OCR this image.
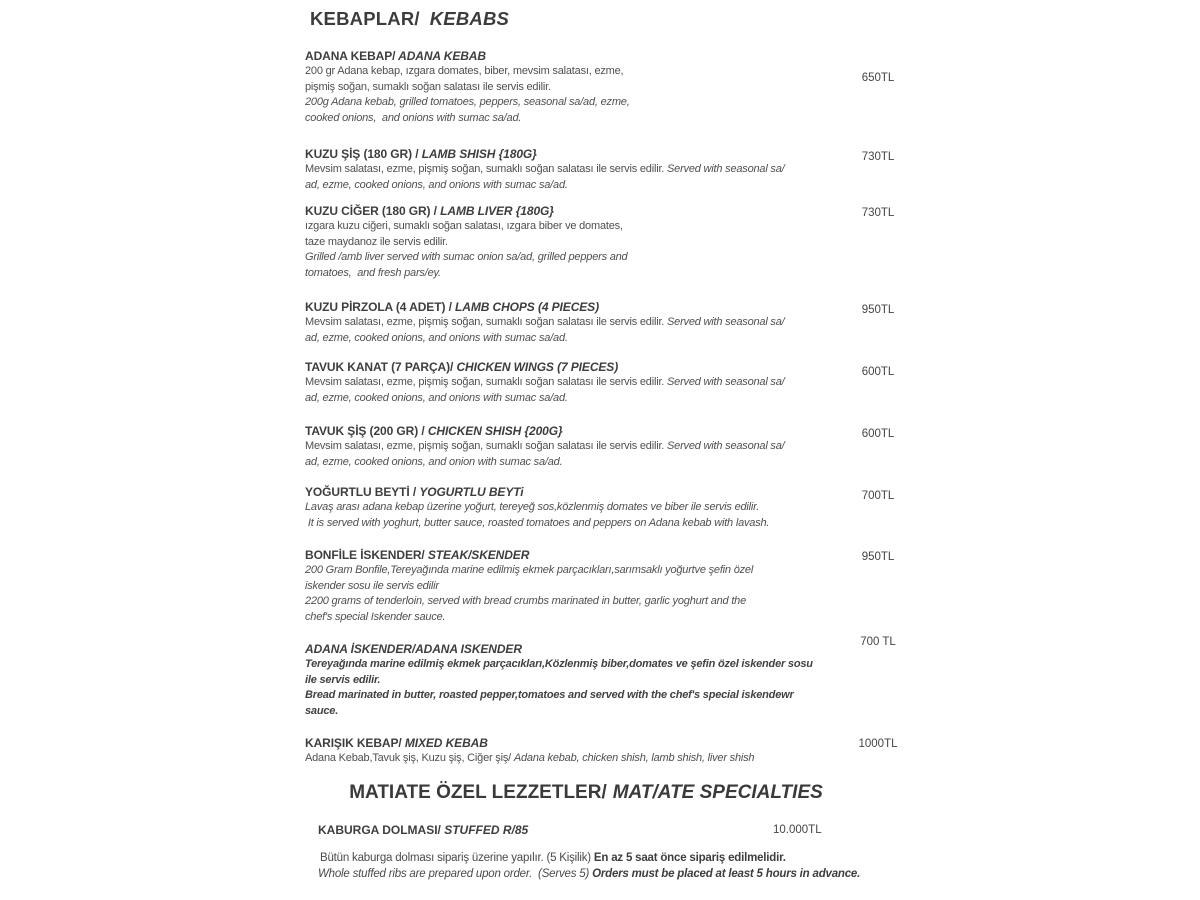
KEBAPLAR/ KEBABS
ADANA KEBAP/ ADANA KEBAB
200 gr Adana kebap, ızgara domates, biber, mevsim salatası, ezme,
pişmiş soğan, sumaklı soğan salatası ile servis edilir.
200g Adana kebab, grilled tomatoes, peppers, seasonal sa/ad, ezme,
cooked onions,  and onions with sumac sa/ad.
650TL
KUZU ŞİŞ (180 GR) / LAMB SHISH {180G}
Mevsim salatası, ezme, pişmiş soğan, sumaklı soğan salatası ile servis edilir. Served with seasonal sa/
ad, ezme, cooked onions, and onions with sumac sa/ad.
730TL
KUZU CİĞER (180 GR) / LAMB LIVER {180G}
ızgara kuzu ciğeri, sumaklı soğan salatası, ızgara biber ve domates,
taze maydanoz ile servis edilir.
Grilled /amb liver served with sumac onion sa/ad, grilled peppers and
tomatoes,  and fresh pars/ey.
730TL
KUZU PİRZOLA (4 ADET) / LAMB CHOPS (4 PIECES)
Mevsim salatası, ezme, pişmiş soğan, sumaklı soğan salatası ile servis edilir. Served with seasonal sa/
ad, ezme, cooked onions, and onions with sumac sa/ad.
950TL
TAVUK KANAT (7 PARÇA)/ CHICKEN WINGS (7 PIECES)
Mevsim salatası, ezme, pişmiş soğan, sumaklı soğan salatası ile servis edilir. Served with seasonal sa/
ad, ezme, cooked onions, and onions with sumac sa/ad.
600TL
TAVUK ŞİŞ (200 GR) / CHICKEN SHISH {200G}
Mevsim salatası, ezme, pişmiş soğan, sumaklı soğan salatası ile servis edilir. Served with seasonal sa/
ad, ezme, cooked onions, and onion with sumac sa/ad.
600TL
YOĞURTLU BEYTİ / YOGURTLU BEYTi
Lavaş arası adana kebap üzerine yoğurt, tereyeğ sos,közlenmiş domates ve biber ile servis edilir.
It is served with yoghurt, butter sauce, roasted tomatoes and peppers on Adana kebab with lavash.
700TL
BONFİLE İSKENDER/ STEAK/SKENDER
200 Gram Bonfile,Tereyağında marine edilmiş ekmek parçacıkları,sarımsaklı yoğurtve şefin özel
iskender sosu ile servis edilir
2200 grams of tenderloin, served with bread crumbs marinated in butter, garlic yoghurt and the
chef's special Iskender sauce.
950TL
ADANA İSKENDER/ADANA ISKENDER
Tereyağında marine edilmiş ekmek parçacıkları,Közlenmiş biber,domates ve şefin özel iskender sosu
ile servis edilir.
Bread marinated in butter, roasted pepper,tomatoes and served with the chef's special iskendewr
sauce.
700 TL
KARIŞIK KEBAP/ MIXED KEBAB
Adana Kebab,Tavuk şiş, Kuzu şiş, Ciğer şiş/ Adana kebab, chicken shish, lamb shish, liver shish
1000TL
MATIATE ÖZEL LEZZETLER/ MAT/ATE SPECIALTIES
KABURGA DOLMASI/ STUFFED R/85	10.000TL
Bütün kaburga dolması sipariş üzerine yapılır. (5 Kişilik) En az 5 saat önce sipariş edilmelidir.
Whole stuffed ribs are prepared upon order.  (Serves 5) Orders must be placed at least 5 hours in advance.
